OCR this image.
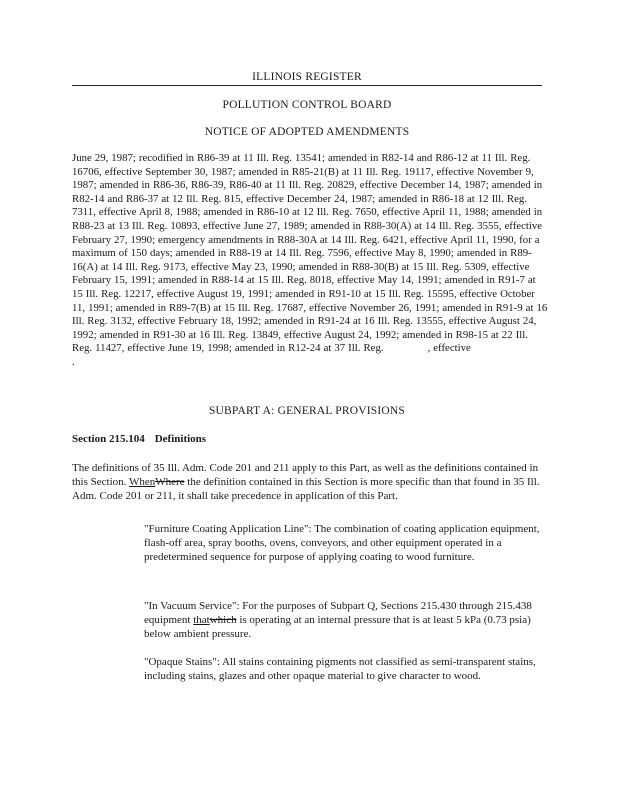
ILLINOIS REGISTER
POLLUTION CONTROL BOARD
NOTICE OF ADOPTED AMENDMENTS
June 29, 1987; recodified in R86-39 at 11 Ill. Reg. 13541; amended in R82-14 and R86-12 at 11 Ill. Reg. 16706, effective September 30, 1987; amended in R85-21(B) at 11 Ill. Reg. 19117, effective November 9, 1987; amended in R86-36, R86-39, R86-40 at 11 Ill. Reg. 20829, effective December 14, 1987; amended in R82-14 and R86-37 at 12 Ill. Reg. 815, effective December 24, 1987; amended in R86-18 at 12 Ill. Reg. 7311, effective April 8, 1988; amended in R86-10 at 12 Ill. Reg. 7650, effective April 11, 1988; amended in R88-23 at 13 Ill. Reg. 10893, effective June 27, 1989; amended in R88-30(A) at 14 Ill. Reg. 3555, effective February 27, 1990; emergency amendments in R88-30A at 14 Ill. Reg. 6421, effective April 11, 1990, for a maximum of 150 days; amended in R88-19 at 14 Ill. Reg. 7596, effective May 8, 1990; amended in R89-16(A) at 14 Ill. Reg. 9173, effective May 23, 1990; amended in R88-30(B) at 15 Ill. Reg. 5309, effective February 15, 1991; amended in R88-14 at 15 Ill. Reg. 8018, effective May 14, 1991; amended in R91-7 at 15 Ill. Reg. 12217, effective August 19, 1991; amended in R91-10 at 15 Ill. Reg. 15595, effective October 11, 1991; amended in R89-7(B) at 15 Ill. Reg. 17687, effective November 26, 1991; amended in R91-9 at 16 Ill. Reg. 3132, effective February 18, 1992; amended in R91-24 at 16 Ill. Reg. 13555, effective August 24, 1992; amended in R91-30 at 16 Ill. Reg. 13849, effective August 24, 1992; amended in R98-15 at 22 Ill. Reg. 11427, effective June 19, 1998; amended in R12-24 at 37 Ill. Reg.	, effective.
SUBPART A: GENERAL PROVISIONS
Section 215.104 Definitions

The definitions of 35 Ill. Adm. Code 201 and 211 apply to this Part, as well as the definitions contained in this Section. WhenWhere the definition contained in this Section is more specific than that found in 35 Ill. Adm. Code 201 or 211, it shall take precedence in application of this Part.

"Furniture Coating Application Line": The combination of coating application equipment, flash-off area, spray booths, ovens, conveyors, and other equipment operated in a predetermined sequence for purpose of applying coating to wood furniture.

"In Vacuum Service": For the purposes of Subpart Q, Sections 215.430 through 215.438 equipment thatwhich is operating at an internal pressure that is at least 5 kPa (0.73 psia) below ambient pressure.

"Opaque Stains": All stains containing pigments not classified as semi-transparent stains, including stains, glazes and other opaque material to give character to wood.
